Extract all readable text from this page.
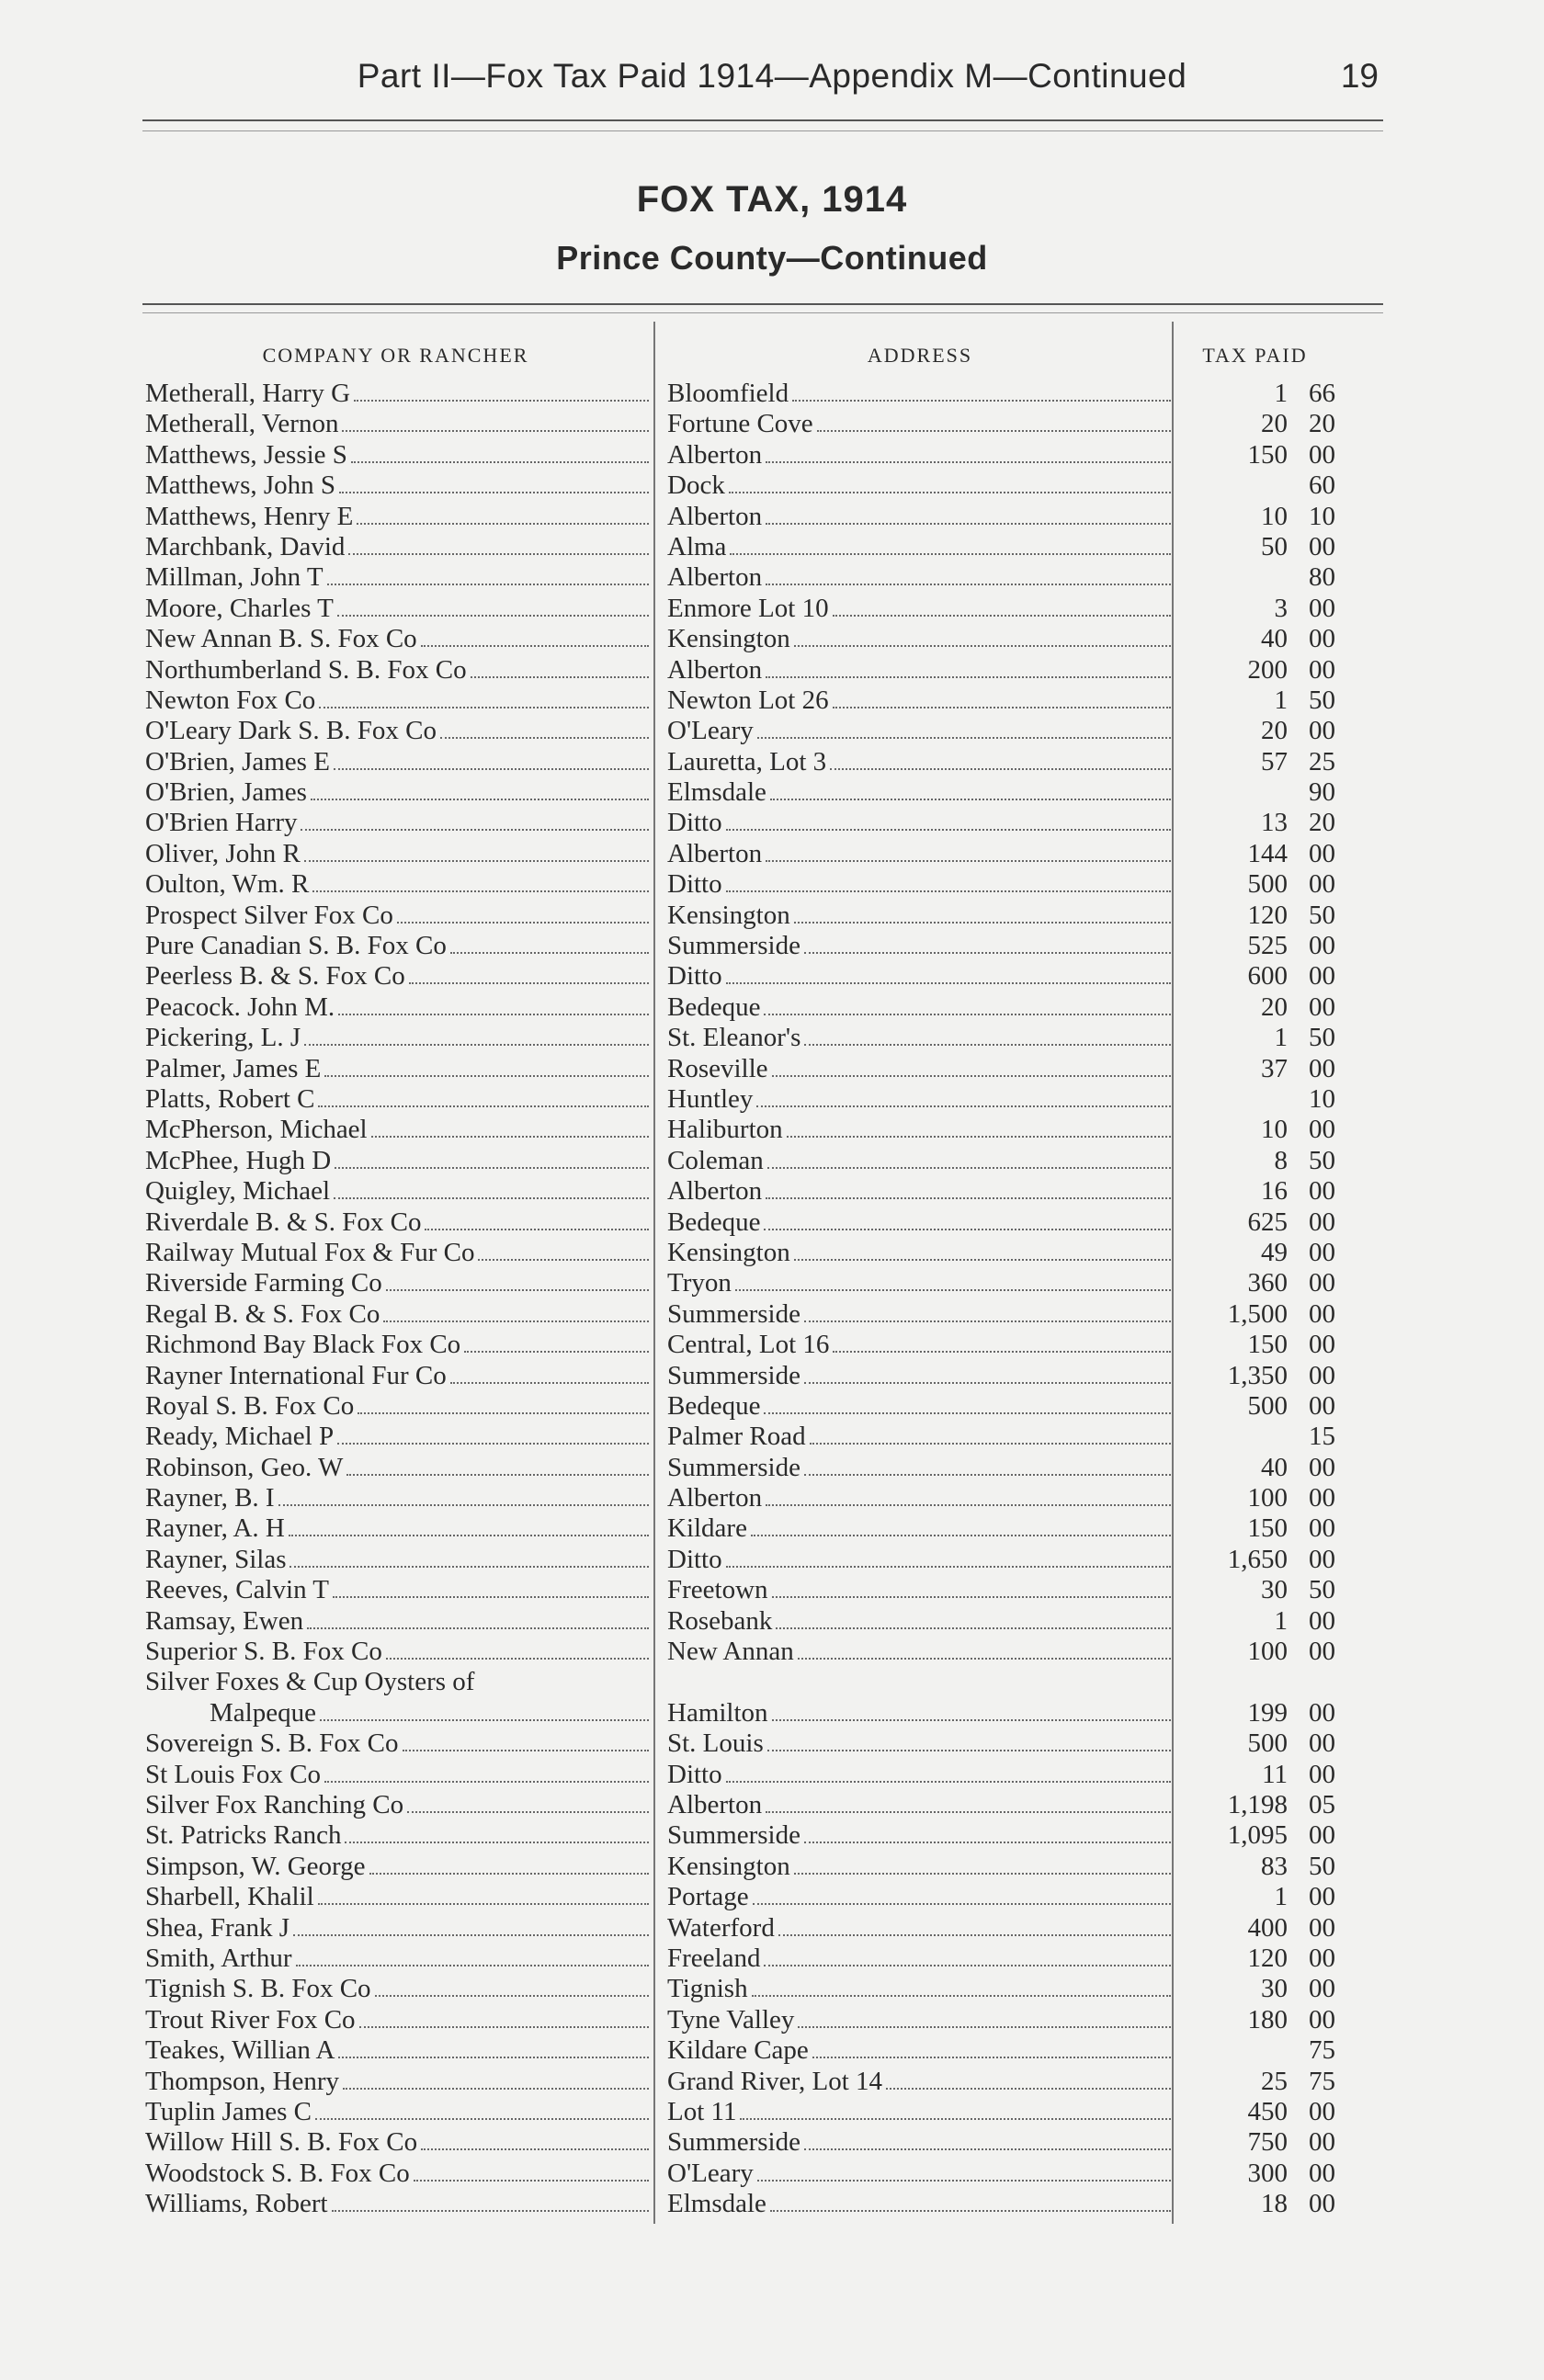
Part II—Fox Tax Paid 1914—Appendix M—Continued	19
FOX TAX, 1914
Prince County—Continued
COMPANY OR RANCHER	ADDRESS	TAX PAID
Metherall, Harry G	Bloomfield	1 66
Metherall, Vernon	Fortune Cove	20 20
Matthews, Jessie S	Alberton	150 00
Matthews, John S	Dock	60
Matthews, Henry E	Alberton	10 10
Marchbank, David	Alma	50 00
Millman, John T	Alberton	80
Moore, Charles T	Enmore Lot 10	3 00
New Annan B. S. Fox Co	Kensington	40 00
Northumberland S. B. Fox Co	Alberton	200 00
Newton Fox Co	Newton Lot 26	1 50
O'Leary Dark S. B. Fox Co	O'Leary	20 00
O'Brien, James E	Lauretta, Lot 3	57 25
O'Brien, James	Elmsdale	90
O'Brien Harry	Ditto	13 20
Oliver, John R	Alberton	144 00
Oulton, Wm. R	Ditto	500 00
Prospect Silver Fox Co	Kensington	120 50
Pure Canadian S. B. Fox Co	Summerside	525 00
Peerless B. & S. Fox Co	Ditto	600 00
Peacock. John M.	Bedeque	20 00
Pickering, L. J	St. Eleanor's	1 50
Palmer, James E	Roseville	37 00
Platts, Robert C	Huntley	10
McPherson, Michael	Haliburton	10 00
McPhee, Hugh D	Coleman	8 50
Quigley, Michael	Alberton	16 00
Riverdale B. & S. Fox Co	Bedeque	625 00
Railway Mutual Fox & Fur Co	Kensington	49 00
Riverside Farming Co	Tryon	360 00
Regal B. & S. Fox Co	Summerside	1,500 00
Richmond Bay Black Fox Co	Central, Lot 16	150 00
Rayner International Fur Co	Summerside	1,350 00
Royal S. B. Fox Co	Bedeque	500 00
Ready, Michael P	Palmer Road	15
Robinson, Geo. W	Summerside	40 00
Rayner, B. I	Alberton	100 00
Rayner, A. H	Kildare	150 00
Rayner, Silas	Ditto	1,650 00
Reeves, Calvin T	Freetown	30 50
Ramsay, Ewen	Rosebank	1 00
Superior S. B. Fox Co	New Annan	100 00
Silver Foxes & Cup Oysters of
Malpeque	Hamilton	199 00
Sovereign S. B. Fox Co	St. Louis	500 00
St Louis Fox Co	Ditto	11 00
Silver Fox Ranching Co	Alberton	1,198 05
St. Patricks Ranch	Summerside	1,095 00
Simpson, W. George	Kensington	83 50
Sharbell, Khalil	Portage	1 00
Shea, Frank J	Waterford	400 00
Smith, Arthur	Freeland	120 00
Tignish S. B. Fox Co	Tignish	30 00
Trout River Fox Co	Tyne Valley	180 00
Teakes, Willian A	Kildare Cape	75
Thompson, Henry	Grand River, Lot 14	25 75
Tuplin James C	Lot 11	450 00
Willow Hill S. B. Fox Co	Summerside	750 00
Woodstock S. B. Fox Co	O'Leary	300 00
Williams, Robert	Elmsdale	18 00
